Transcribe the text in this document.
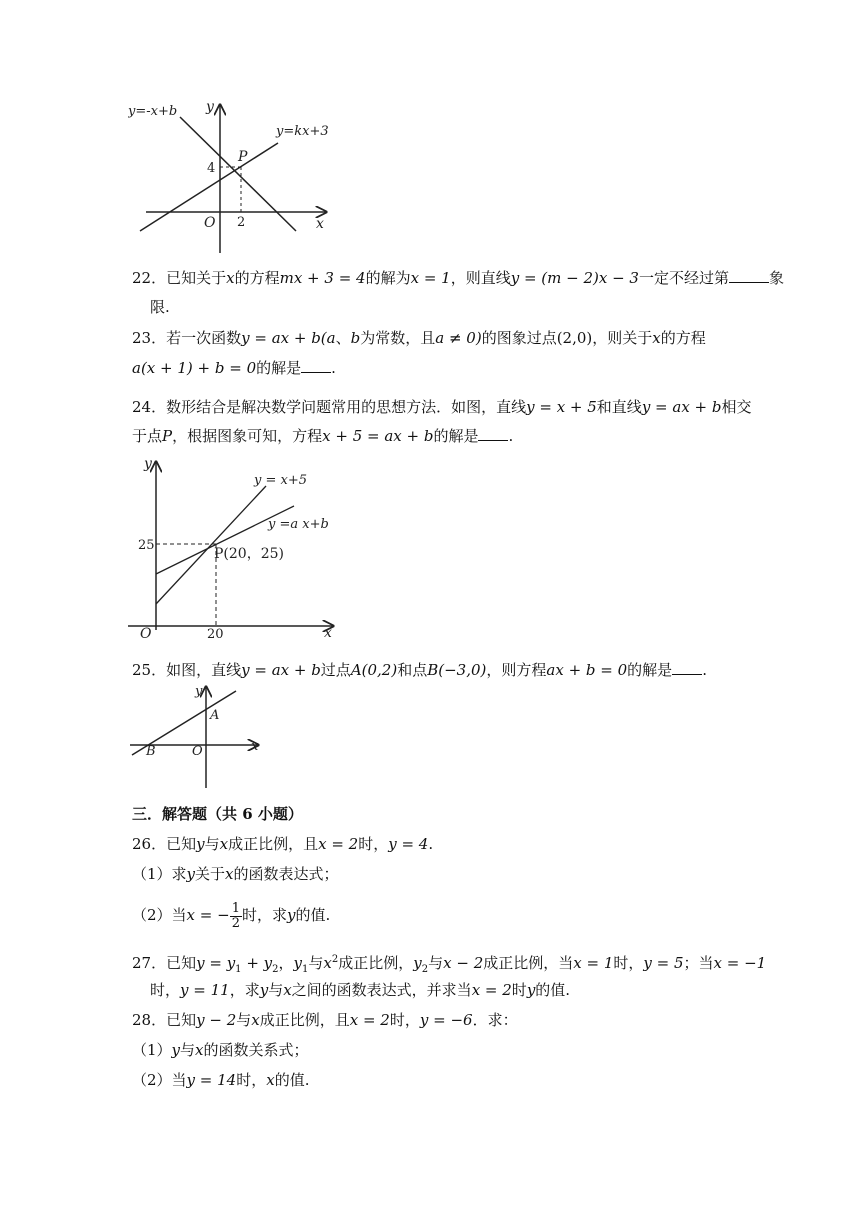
y=-x+b
y=kx+3
y
x
P
4
2
O
22．已知关于x的方程mx + 3 = 4的解为x = 1，则直线y = (m − 2)x − 3一定不经过第	象
限.
23．若一次函数y = ax + b(a、b为常数，且a ≠ 0)的图象过点(2,0)，则关于x的方程
a(x + 1) + b = 0的解是 .
24．数形结合是解决数学问题常用的思想方法．如图，直线y = x + 5和直线y = ax + b相交
于点P，根据图象可知，方程x + 5 = ax + b的解是 .
y
x
y = x+5
y =a x+b
P(20，25)
25
20
O
25．如图，直线y = ax + b过点A(0,2)和点B(−3,0)，则方程ax + b = 0的解是 .
y
x
A
B	O
三．解答题（共 6 小题）
26．已知y与x成正比例，且x = 2时，y = 4.
（1）求y关于x的函数表达式；
（2）当x = − $\frac{1}{2}$ 时，求y的值.
27．已知$y = y_1 + y_2$，$y_1$与$x^2$成正比例，$y_2$与x − 2成正比例，当x = 1时，y = 5；当x = −1
时，y = 11，求y与x之间的函数表达式，并求当x = 2时y的值.
28．已知y − 2与x成正比例，且x = 2时，y = −6．求：
（1）y与x的函数关系式；
（2）当y = 14时，x的值.
